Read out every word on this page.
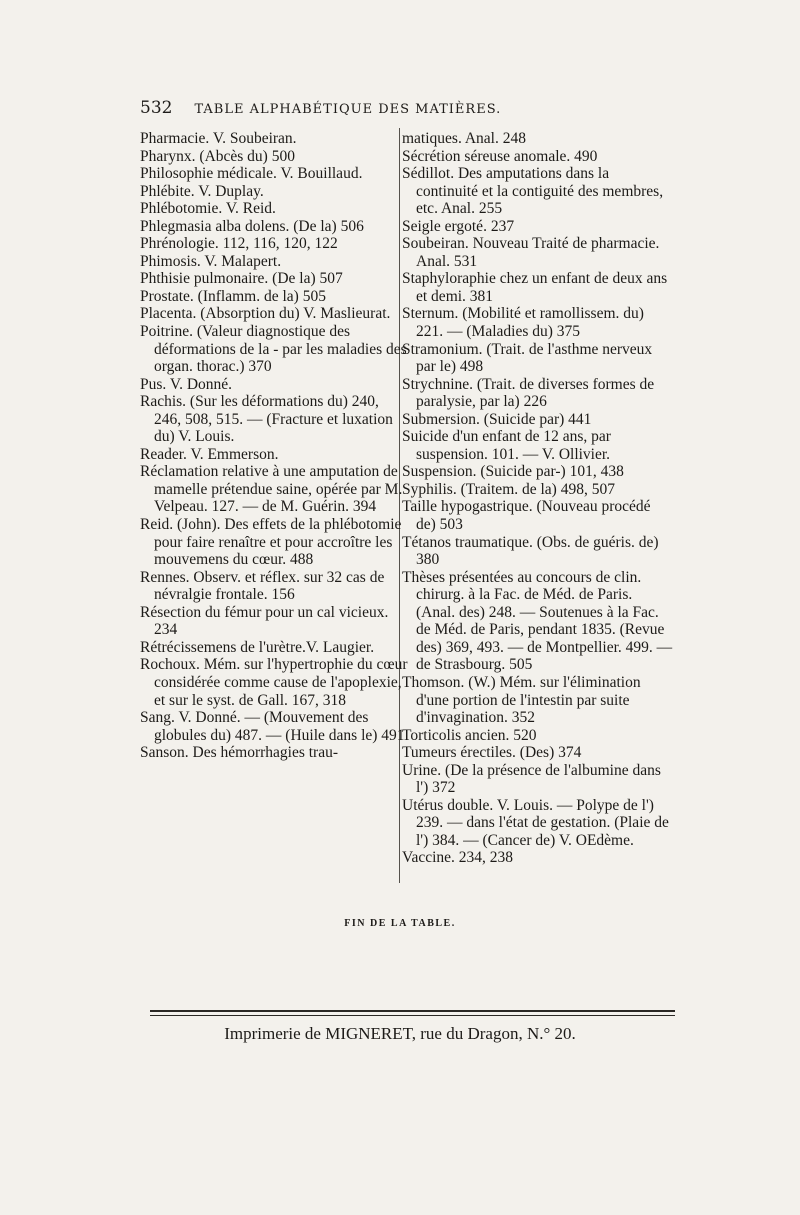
532 TABLE ALPHABÉTIQUE DES MATIÈRES.

Pharmacie. V. Soubeiran.

Pharynx. (Abcès du) 500

Philosophie médicale. V. Bouillaud.

Phlébite. V. Duplay.

Phlébotomie. V. Reid.

Phlegmasia alba dolens. (De la) 506

Phrénologie. 112, 116, 120, 122

Phimosis. V. Malapert.

Phthisie pulmonaire. (De la) 507

Prostate. (Inflamm. de la) 505

Placenta. (Absorption du) V. Maslieurat.

Poitrine. (Valeur diagnostique des déformations de la - par les maladies des organ. thorac.) 370

Pus. V. Donné.

Rachis. (Sur les déformations du) 240, 246, 508, 515. — (Fracture et luxation du) V. Louis.

Reader. V. Emmerson.

Réclamation relative à une amputation de mamelle prétendue saine, opérée par M. Velpeau. 127. — de M. Guérin. 394

Reid. (John). Des effets de la phlébotomie pour faire renaître et pour accroître les mouvemens du cœur. 488

Rennes. Observ. et réflex. sur 32 cas de névralgie frontale. 156

Résection du fémur pour un cal vicieux. 234

Rétrécissemens de l'urètre.V. Laugier.

Rochoux. Mém. sur l'hypertrophie du cœur considérée comme cause de l'apoplexie, et sur le syst. de Gall. 167, 318

Sang. V. Donné. — (Mouvement des globules du) 487. — (Huile dans le) 491

Sanson. Des hémorrhagies trau-

matiques. Anal. 248

Sécrétion séreuse anomale. 490

Sédillot. Des amputations dans la continuité et la contiguité des membres, etc. Anal. 255

Seigle ergoté. 237

Soubeiran. Nouveau Traité de pharmacie. Anal. 531

Staphyloraphie chez un enfant de deux ans et demi. 381

Sternum. (Mobilité et ramollissem. du) 221. — (Maladies du) 375

Stramonium. (Trait. de l'asthme nerveux par le) 498

Strychnine. (Trait. de diverses formes de paralysie, par la) 226

Submersion. (Suicide par) 441

Suicide d'un enfant de 12 ans, par suspension. 101. — V. Ollivier.

Suspension. (Suicide par-) 101, 438

Syphilis. (Traitem. de la) 498, 507

Taille hypogastrique. (Nouveau procédé de) 503

Tétanos traumatique. (Obs. de guéris. de) 380

Thèses présentées au concours de clin. chirurg. à la Fac. de Méd. de Paris. (Anal. des) 248. — Soutenues à la Fac. de Méd. de Paris, pendant 1835. (Revue des) 369, 493. — de Montpellier. 499. — de Strasbourg. 505

Thomson. (W.) Mém. sur l'élimination d'une portion de l'intestin par suite d'invagination. 352

Torticolis ancien. 520

Tumeurs érectiles. (Des) 374

Urine. (De la présence de l'albumine dans l') 372

Utérus double. V. Louis. — Polype de l') 239. — dans l'état de gestation. (Plaie de l') 384. — (Cancer de) V. OEdème.

Vaccine. 234, 238

FIN DE LA TABLE.
Imprimerie de MIGNERET, rue du Dragon, N.° 20.
